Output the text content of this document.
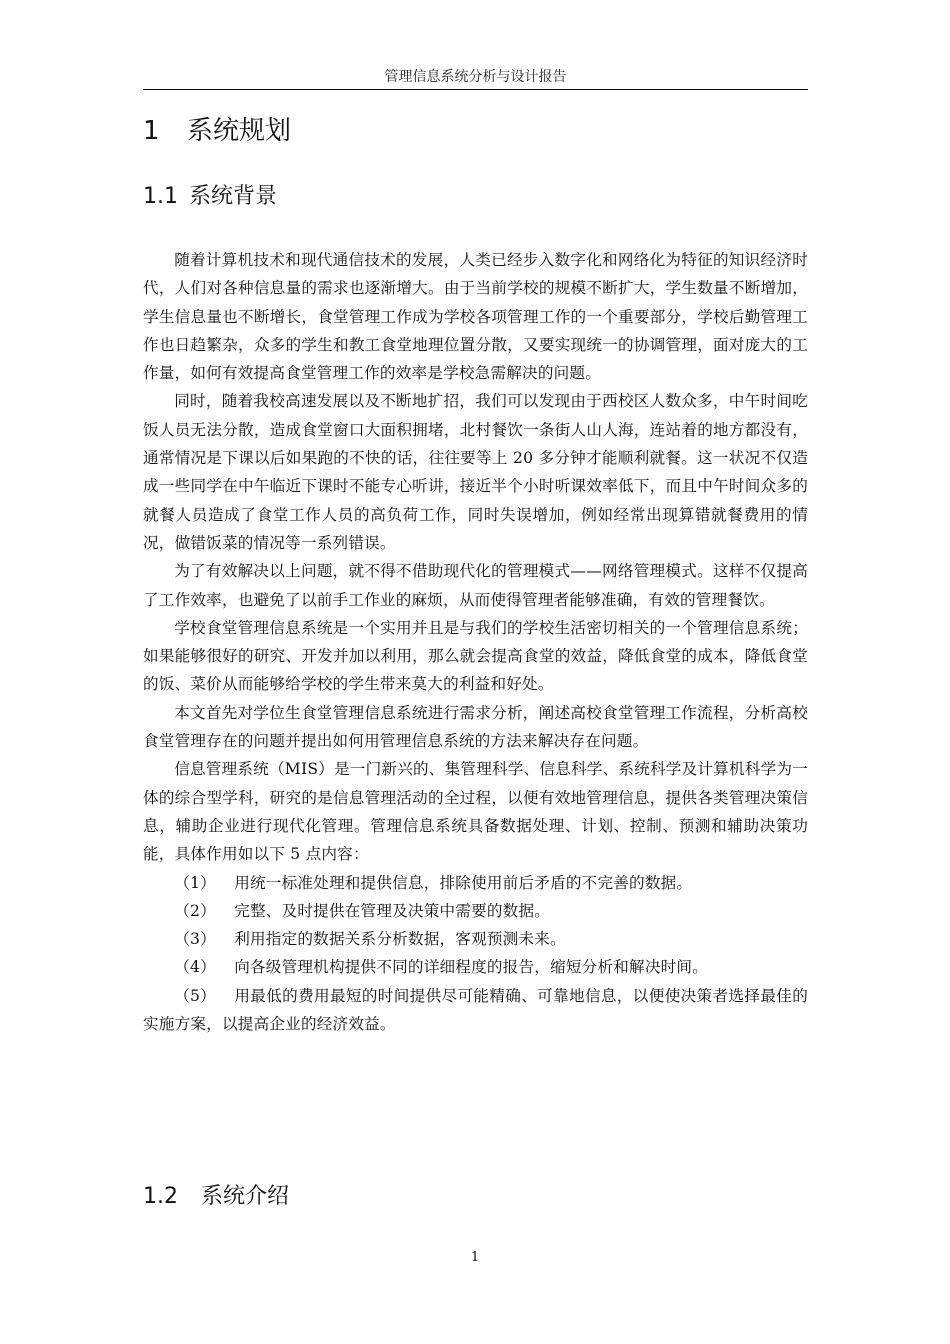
管理信息系统分析与设计报告
1 系统规划
1.1 系统背景

随着计算机技术和现代通信技术的发展，人类已经步入数字化和网络化为特征的知识经济时代，人们对各种信息量的需求也逐渐增大。由于当前学校的规模不断扩大，学生数量不断增加，学生信息量也不断增长，食堂管理工作成为学校各项管理工作的一个重要部分，学校后勤管理工作也日趋繁杂，众多的学生和教工食堂地理位置分散，又要实现统一的协调管理，面对庞大的工作量，如何有效提高食堂管理工作的效率是学校急需解决的问题。

同时，随着我校高速发展以及不断地扩招，我们可以发现由于西校区人数众多，中午时间吃饭人员无法分散，造成食堂窗口大面积拥堵，北村餐饮一条街人山人海，连站着的地方都没有，通常情况是下课以后如果跑的不快的话，往往要等上 20 多分钟才能顺利就餐。这一状况不仅造成一些同学在中午临近下课时不能专心听讲，接近半个小时听课效率低下，而且中午时间众多的就餐人员造成了食堂工作人员的高负荷工作，同时失误增加，例如经常出现算错就餐费用的情况，做错饭菜的情况等一系列错误。

为了有效解决以上问题，就不得不借助现代化的管理模式——网络管理模式。这样不仅提高了工作效率，也避免了以前手工作业的麻烦，从而使得管理者能够准确，有效的管理餐饮。

学校食堂管理信息系统是一个实用并且是与我们的学校生活密切相关的一个管理信息系统；如果能够很好的研究、开发并加以利用，那么就会提高食堂的效益，降低食堂的成本，降低食堂的饭、菜价从而能够给学校的学生带来莫大的利益和好处。

本文首先对学位生食堂管理信息系统进行需求分析，阐述高校食堂管理工作流程，分析高校食堂管理存在的问题并提出如何用管理信息系统的方法来解决存在问题。

信息管理系统（MIS）是一门新兴的、集管理科学、信息科学、系统科学及计算机科学为一体的综合型学科，研究的是信息管理活动的全过程，以便有效地管理信息，提供各类管理决策信息，辅助企业进行现代化管理。管理信息系统具备数据处理、计划、控制、预测和辅助决策功能，具体作用如以下 5 点内容：

（1） 用统一标准处理和提供信息，排除使用前后矛盾的不完善的数据。

（2） 完整、及时提供在管理及决策中需要的数据。

（3） 利用指定的数据关系分析数据，客观预测未来。

（4） 向各级管理机构提供不同的详细程度的报告，缩短分析和解决时间。

（5） 用最低的费用最短的时间提供尽可能精确、可靠地信息，以便使决策者选择最佳的实施方案，以提高企业的经济效益。

1.2 系统介绍
1
